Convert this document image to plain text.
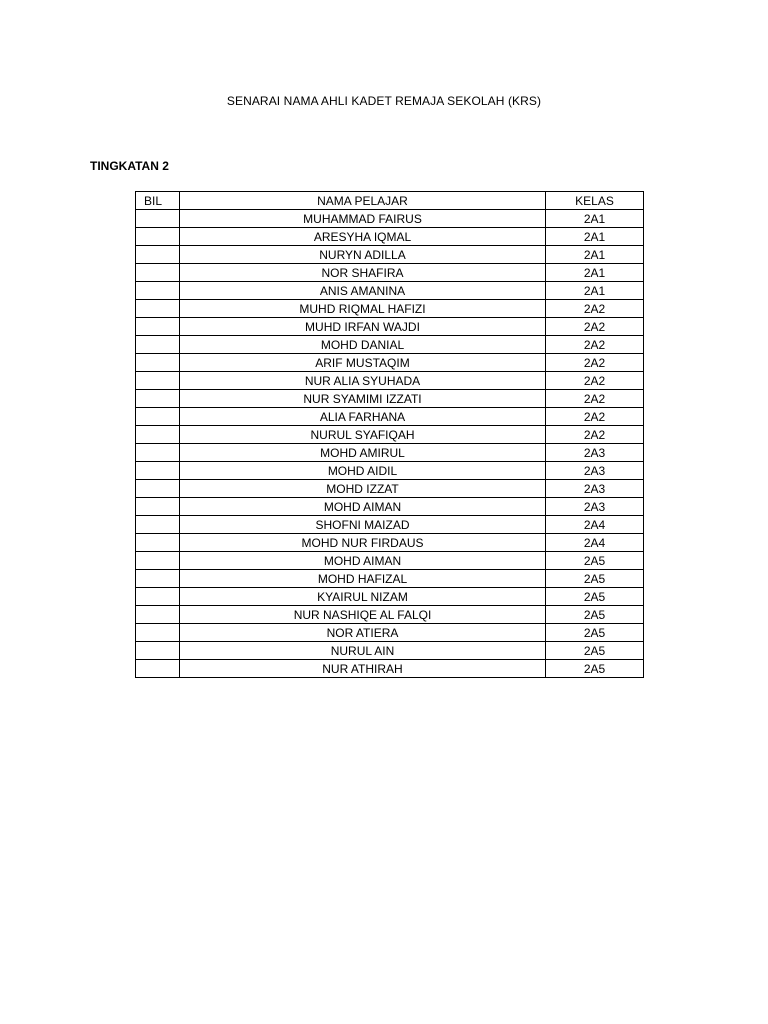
SENARAI NAMA AHLI KADET REMAJA SEKOLAH (KRS)
TINGKATAN 2
BIL	NAMA PELAJAR	KELAS
	MUHAMMAD FAIRUS	2A1
	ARESYHA IQMAL	2A1
	NURYN ADILLA	2A1
	NOR SHAFIRA	2A1
	ANIS AMANINA	2A1
	MUHD RIQMAL HAFIZI	2A2
	MUHD IRFAN WAJDI	2A2
	MOHD DANIAL	2A2
	ARIF MUSTAQIM	2A2
	NUR ALIA SYUHADA	2A2
	NUR SYAMIMI IZZATI	2A2
	ALIA FARHANA	2A2
	NURUL SYAFIQAH	2A2
	MOHD AMIRUL	2A3
	MOHD AIDIL	2A3
	MOHD IZZAT	2A3
	MOHD AIMAN	2A3
	SHOFNI MAIZAD	2A4
	MOHD NUR FIRDAUS	2A4
	MOHD AIMAN	2A5
	MOHD HAFIZAL	2A5
	KYAIRUL NIZAM	2A5
	NUR NASHIQE AL FALQI	2A5
	NOR ATIERA	2A5
	NURUL AIN	2A5
	NUR ATHIRAH	2A5
